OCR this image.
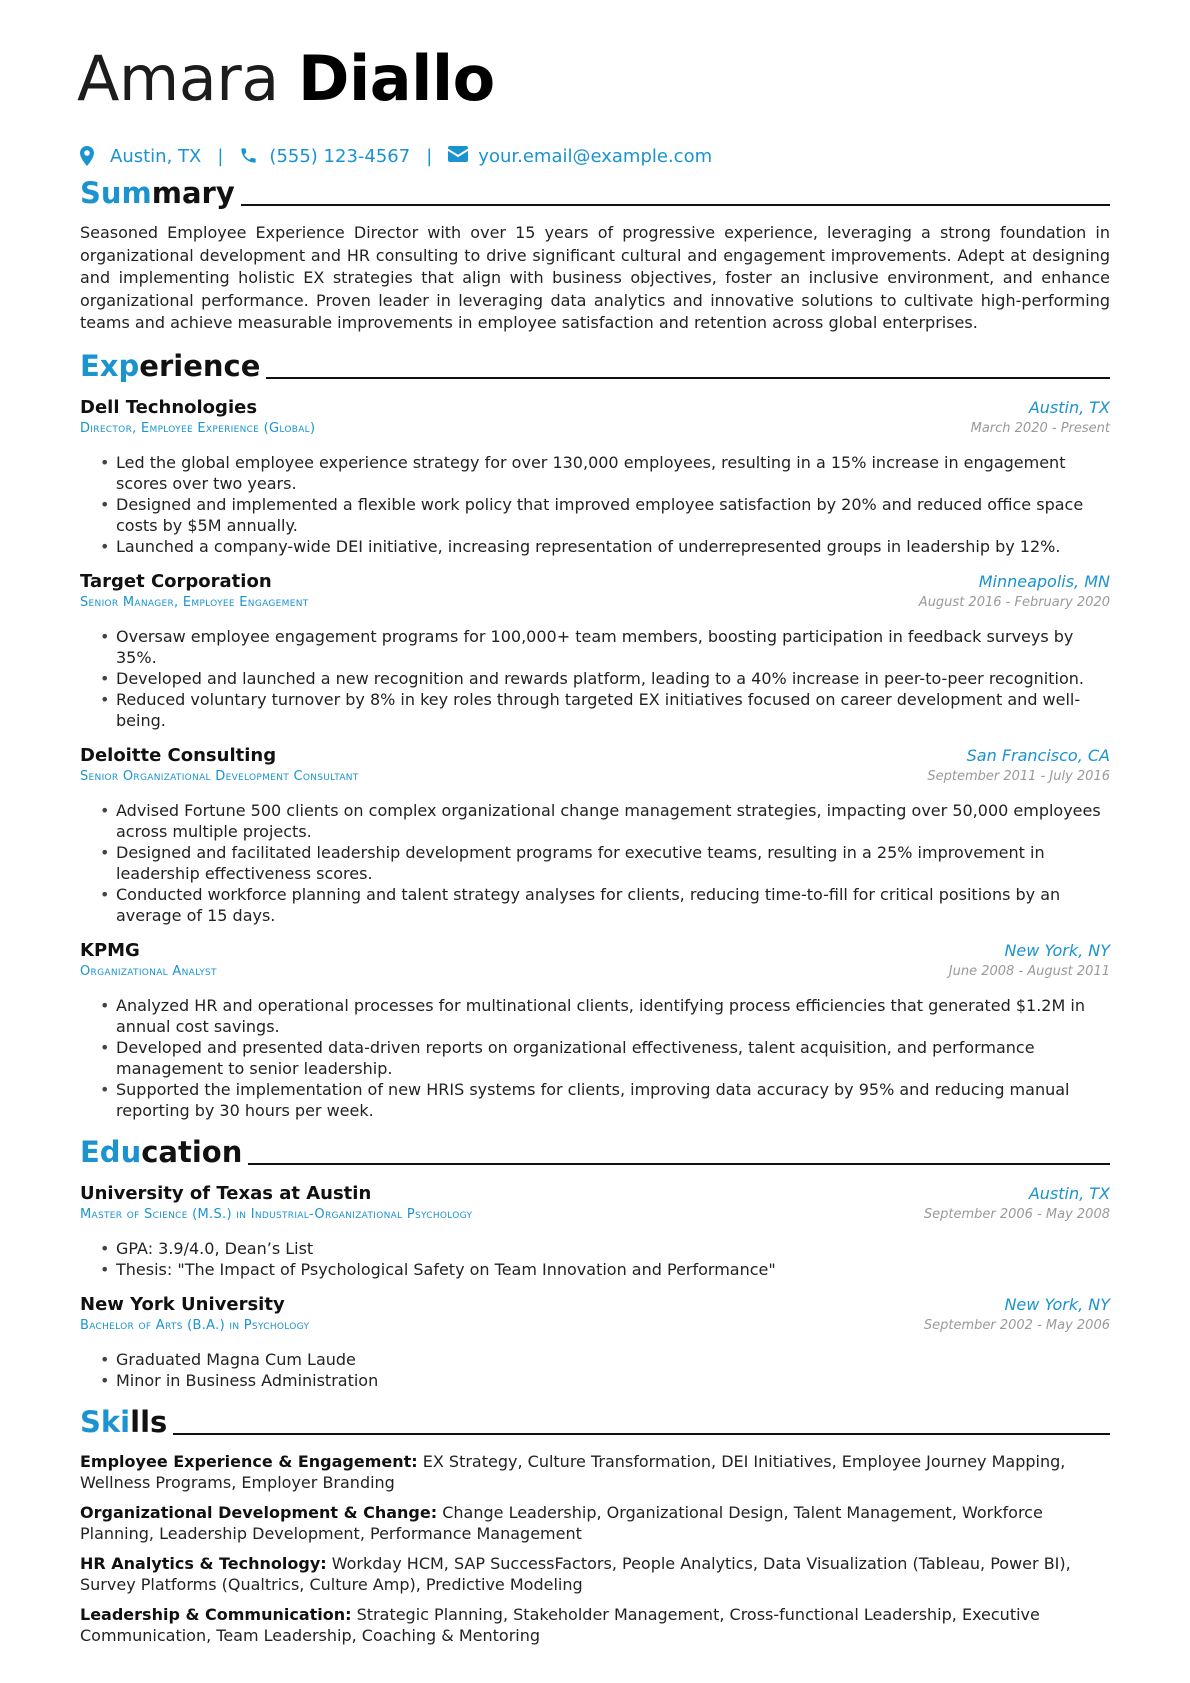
Amara Diallo
Austin, TX |	(555) 123-4567 |	your.email@example.com
Summary
Seasoned Employee Experience Director with over 15 years of progressive experience, leveraging a strong foundation in organizational development and HR consulting to drive significant cultural and engagement improvements. Adept at designing and implementing holistic EX strategies that align with business objectives, foster an inclusive environment, and enhance organizational performance. Proven leader in leveraging data analytics and innovative solutions to cultivate high-performing teams and achieve measurable improvements in employee satisfaction and retention across global enterprises.
Experience
Dell Technologies	Austin, TX
Director, Employee Experience (Global)	March 2020 - Present
• Led the global employee experience strategy for over 130,000 employees, resulting in a 15% increase in engagement scores over two years.
• Designed and implemented a flexible work policy that improved employee satisfaction by 20% and reduced office space costs by $5M annually.
• Launched a company-wide DEI initiative, increasing representation of underrepresented groups in leadership by 12%.
Target Corporation	Minneapolis, MN
Senior Manager, Employee Engagement	August 2016 - February 2020
• Oversaw employee engagement programs for 100,000+ team members, boosting participation in feedback surveys by 35%.
• Developed and launched a new recognition and rewards platform, leading to a 40% increase in peer-to-peer recognition.
• Reduced voluntary turnover by 8% in key roles through targeted EX initiatives focused on career development and well-being.
Deloitte Consulting	San Francisco, CA
Senior Organizational Development Consultant	September 2011 - July 2016
• Advised Fortune 500 clients on complex organizational change management strategies, impacting over 50,000 employees across multiple projects.
• Designed and facilitated leadership development programs for executive teams, resulting in a 25% improvement in leadership effectiveness scores.
• Conducted workforce planning and talent strategy analyses for clients, reducing time-to-fill for critical positions by an average of 15 days.
KPMG	New York, NY
Organizational Analyst	June 2008 - August 2011
• Analyzed HR and operational processes for multinational clients, identifying process efficiencies that generated $1.2M in annual cost savings.
• Developed and presented data-driven reports on organizational effectiveness, talent acquisition, and performance management to senior leadership.
• Supported the implementation of new HRIS systems for clients, improving data accuracy by 95% and reducing manual reporting by 30 hours per week.
Education
University of Texas at Austin	Austin, TX
Master of Science (M.S.) in Industrial-Organizational Psychology	September 2006 - May 2008
• GPA: 3.9/4.0, Dean’s List
• Thesis: "The Impact of Psychological Safety on Team Innovation and Performance"
New York University	New York, NY
Bachelor of Arts (B.A.) in Psychology	September 2002 - May 2006
• Graduated Magna Cum Laude
• Minor in Business Administration
Skills
Employee Experience & Engagement: EX Strategy, Culture Transformation, DEI Initiatives, Employee Journey Mapping, Wellness Programs, Employer Branding
Organizational Development & Change: Change Leadership, Organizational Design, Talent Management, Workforce Planning, Leadership Development, Performance Management
HR Analytics & Technology: Workday HCM, SAP SuccessFactors, People Analytics, Data Visualization (Tableau, Power BI), Survey Platforms (Qualtrics, Culture Amp), Predictive Modeling
Leadership & Communication: Strategic Planning, Stakeholder Management, Cross-functional Leadership, Executive Communication, Team Leadership, Coaching & Mentoring
